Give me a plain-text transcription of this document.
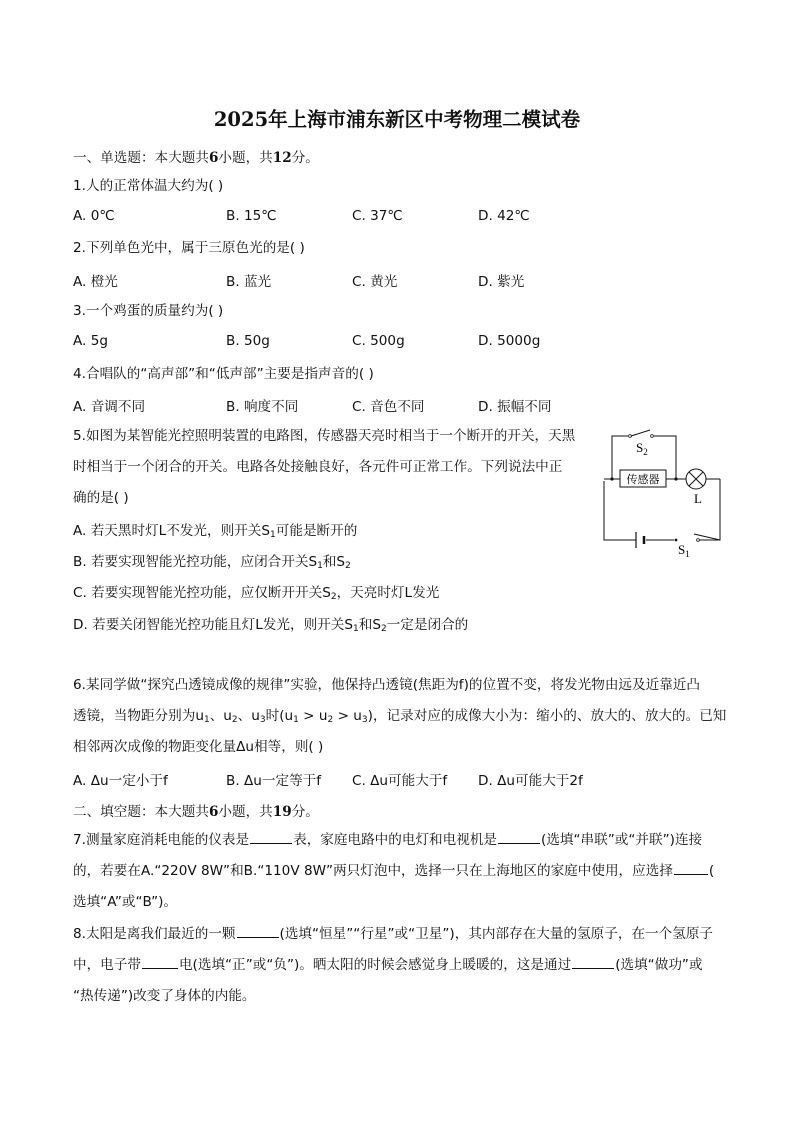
2025年上海市浦东新区中考物理二模试卷
一、单选题：本大题共6小题，共12分。
1.人的正常体温大约为( )
A. 0℃	B. 15℃	C. 37℃	D. 42℃
2.下列单色光中，属于三原色光的是( )
A. 橙光	B. 蓝光	C. 黄光	D. 紫光
3.一个鸡蛋的质量约为( )
A. 5g	B. 50g	C. 500g	D. 5000g
4.合唱队的“高声部”和“低声部”主要是指声音的( )
A. 音调不同	B. 响度不同	C. 音色不同	D. 振幅不同
5.如图为某智能光控照明装置的电路图，传感器天亮时相当于一个断开的开关，天黑
时相当于一个闭合的开关。电路各处接触良好，各元件可正常工作。下列说法中正
确的是( )
A. 若天黑时灯L不发光，则开关$S_1$可能是断开的
B. 若要实现智能光控功能，应闭合开关$S_1$和$S_2$
C. 若要实现智能光控功能，应仅断开开关$S_2$，天亮时灯L发光
D. 若要关闭智能光控功能且灯L发光，则开关$S_1$和$S_2$一定是闭合的
传感器
L
$S_2$
$S_1$
6.某同学做“探究凸透镜成像的规律”实验，他保持凸透镜(焦距为f)的位置不变，将发光物由远及近靠近凸
透镜，当物距分别为$u_1$、$u_2$、$u_3$时$(u_1 > u_2 > u_3)$，记录对应的成像大小为：缩小的、放大的、放大的。已知
相邻两次成像的物距变化量Δu相等，则( )
A. Δu一定小于f	B. Δu一定等于f C. Δu可能大于f D. Δu可能大于2f
二、填空题：本大题共6小题，共19分。
7.测量家庭消耗电能的仪表是	表，家庭电路中的电灯和电视机是	(选填“串联”或“并联”)连接
的，若要在A.“220V 8W”和B.“110V 8W”两只灯泡中，选择一只在上海地区的家庭中使用，应选择	(
选填“A”或“B”)。
8.太阳是离我们最近的一颗	(选填“恒星”“行星”或“卫星”)，其内部存在大量的氢原子，在一个氢原子
中，电子带	电(选填“正”或“负”)。晒太阳的时候会感觉身上暖暖的，这是通过	(选填“做功”或
“热传递”)改变了身体的内能。
